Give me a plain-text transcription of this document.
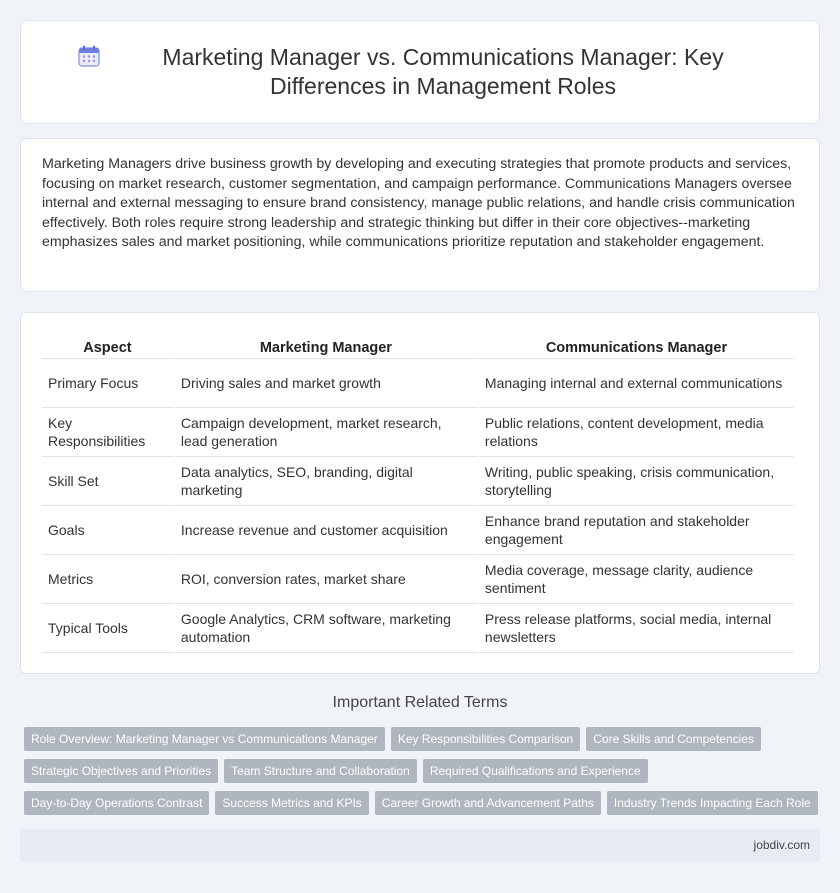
Marketing Manager vs. Communications Manager: Key Differences in Management Roles

Marketing Managers drive business growth by developing and executing strategies that promote products and services, focusing on market research, customer segmentation, and campaign performance. Communications Managers oversee internal and external messaging to ensure brand consistency, manage public relations, and handle crisis communication effectively. Both roles require strong leadership and strategic thinking but differ in their core objectives--marketing emphasizes sales and market positioning, while communications prioritize reputation and stakeholder engagement.

Aspect	Marketing Manager	Communications Manager
Primary Focus	Driving sales and market growth	Managing internal and external communications
Key Responsibilities	Campaign development, market research, lead generation	Public relations, content development, media relations
Skill Set	Data analytics, SEO, branding, digital marketing	Writing, public speaking, crisis communication, storytelling
Goals	Increase revenue and customer acquisition	Enhance brand reputation and stakeholder engagement
Metrics	ROI, conversion rates, market share	Media coverage, message clarity, audience sentiment
Typical Tools	Google Analytics, CRM software, marketing automation	Press release platforms, social media, internal newsletters
Important Related Terms
Role Overview: Marketing Manager vs Communications Manager	Key Responsibilities Comparison	Core Skills and Competencies
Strategic Objectives and Priorities	Team Structure and Collaboration	Required Qualifications and Experience
Day-to-Day Operations Contrast	Success Metrics and KPIs	Career Growth and Advancement Paths	Industry Trends Impacting Each Role
jobdiv.com
